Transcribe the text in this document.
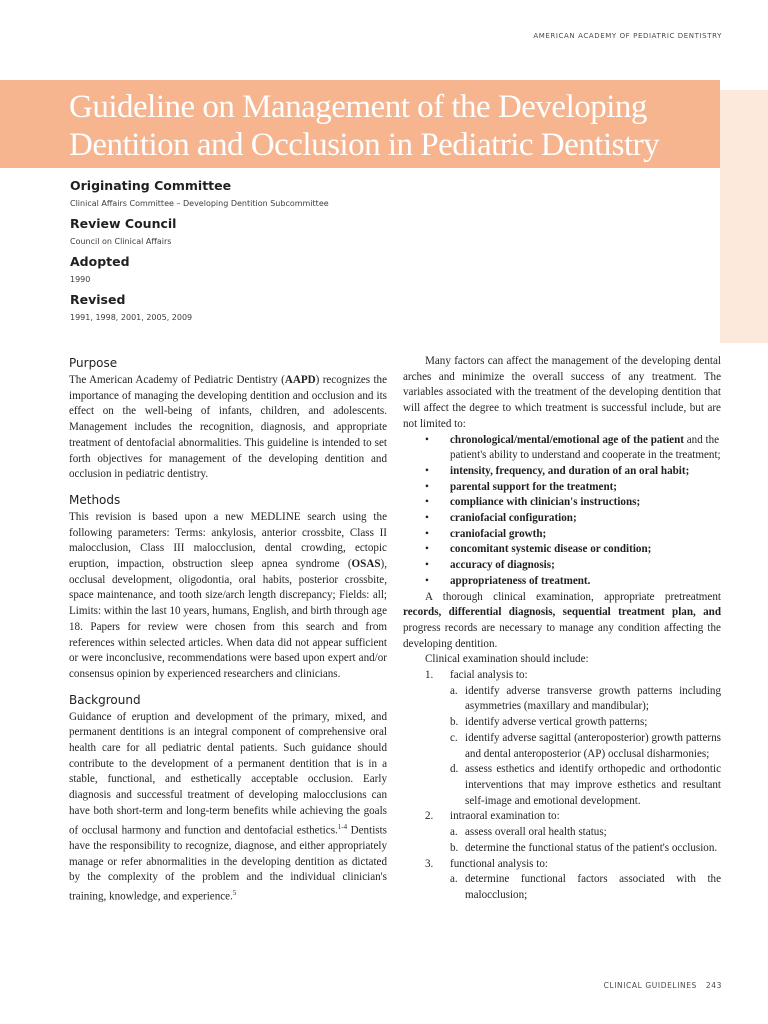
AMERICAN ACADEMY OF PEDIATRIC DENTISTRY

Guideline on Management of the Developing
Dentition and Occlusion in Pediatric Dentistry

Originating Committee

Clinical Affairs Committee – Developing Dentition Subcommittee

Review Council

Council on Clinical Affairs

Adopted

1990

Revised

1991, 1998, 2001, 2005, 2009

Purpose

The American Academy of Pediatric Dentistry (AAPD) recognizes the importance of managing the developing dentition and occlusion and its effect on the well-being of infants, children, and adolescents. Management includes the recognition, diagnosis, and appropriate treatment of dentofacial abnormalities. This guideline is intended to set forth objectives for management of the developing dentition and occlusion in pediatric dentistry.

Methods

This revision is based upon a new MEDLINE search using the following parameters: Terms: ankylosis, anterior crossbite, Class II malocclusion, Class III malocclusion, dental crowding, ectopic eruption, impaction, obstruction sleep apnea syndrome (OSAS), occlusal development, oligodontia, oral habits, posterior crossbite, space maintenance, and tooth size/arch length discrepancy; Fields: all; Limits: within the last 10 years, humans, English, and birth through age 18. Papers for review were chosen from this search and from references within selected articles. When data did not appear sufficient or were inconclusive, recommendations were based upon expert and/or consensus opinion by experienced researchers and clinicians.

Background

Guidance of eruption and development of the primary, mixed, and permanent dentitions is an integral component of comprehensive oral health care for all pediatric dental patients. Such guidance should contribute to the development of a permanent dentition that is in a stable, functional, and esthetically acceptable occlusion. Early diagnosis and successful treatment of developing malocclusions can have both short-term and long-term benefits while achieving the goals of occlusal harmony and function and dentofacial esthetics.$^{1-4}$ Dentists have the responsibility to recognize, diagnose, and either appropriately manage or refer abnormalities in the developing dentition as dictated by the complexity of the problem and the individual clinician's training, knowledge, and experience.$^5$

Many factors can affect the management of the developing dental arches and minimize the overall success of any treatment. The variables associated with the treatment of the developing dentition that will affect the degree to which treatment is successful include, but are not limited to:

• chronological/mental/emotional age of the patient and the patient's ability to understand and cooperate in the treatment;
• intensity, frequency, and duration of an oral habit;
• parental support for the treatment;
• compliance with clinician's instructions;
• craniofacial configuration;
• craniofacial growth;
• concomitant systemic disease or condition;
• accuracy of diagnosis;
• appropriateness of treatment.

A thorough clinical examination, appropriate pretreatment records, differential diagnosis, sequential treatment plan, and progress records are necessary to manage any condition affecting the developing dentition.

Clinical examination should include:

1. facial analysis to:
a. identify adverse transverse growth patterns including asymmetries (maxillary and mandibular);
b. identify adverse vertical growth patterns;
c. identify adverse sagittal (anteroposterior) growth patterns and dental anteroposterior (AP) occlusal disharmonies;
d. assess esthetics and identify orthopedic and orthodontic interventions that may improve esthetics and resultant self-image and emotional development.
2. intraoral examination to:
a. assess overall oral health status;
b. determine the functional status of the patient's occlusion.
3. functional analysis to:
a. determine functional factors associated with the malocclusion;

CLINICAL GUIDELINES 243
